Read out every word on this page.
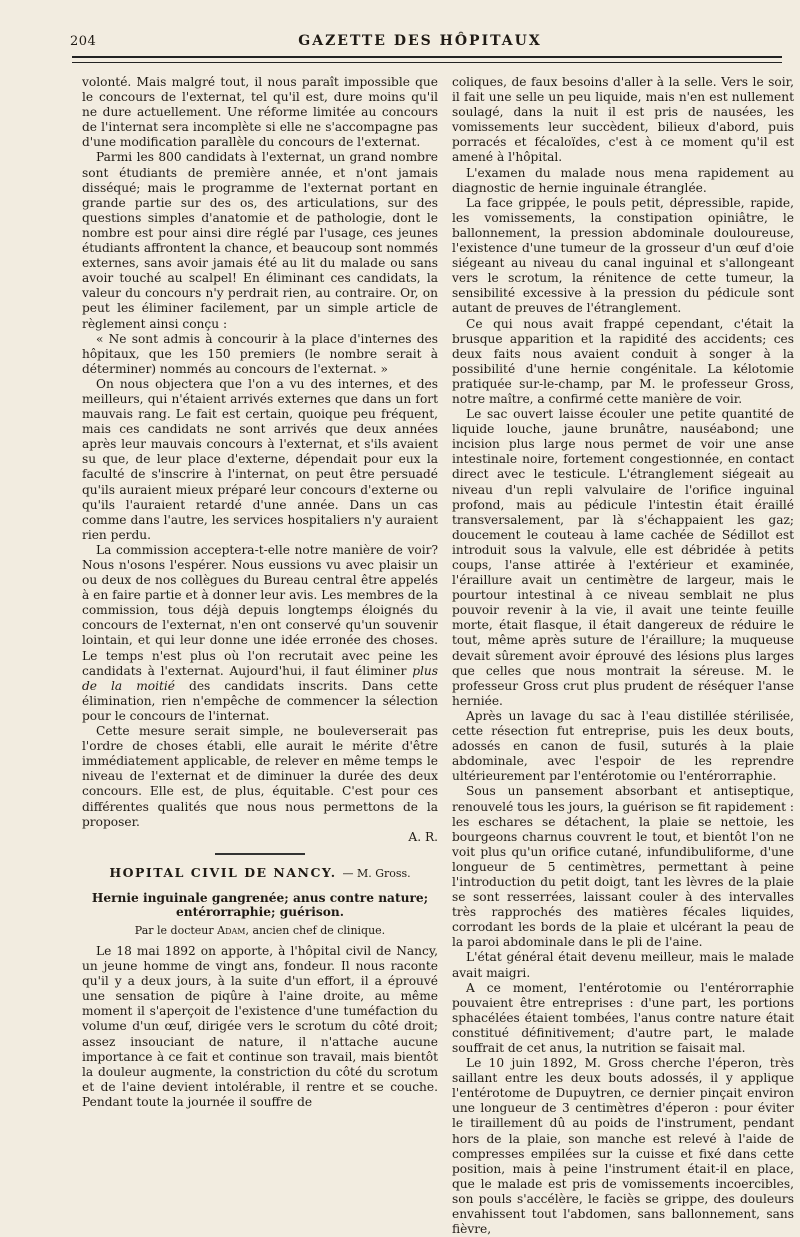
204	GAZETTE DES HÔPITAUX

volonté. Mais malgré tout, il nous paraît impossible que le concours de l'externat, tel qu'il est, dure moins qu'il ne dure actuellement. Une réforme limitée au concours de l'internat sera incomplète si elle ne s'accompagne pas d'une modification parallèle du concours de l'externat.

Parmi les 800 candidats à l'externat, un grand nombre sont étudiants de première année, et n'ont jamais disséqué; mais le programme de l'externat portant en grande partie sur des os, des articulations, sur des questions simples d'anatomie et de pathologie, dont le nombre est pour ainsi dire réglé par l'usage, ces jeunes étudiants affrontent la chance, et beaucoup sont nommés externes, sans avoir jamais été au lit du malade ou sans avoir touché au scalpel! En éliminant ces candidats, la valeur du concours n'y perdrait rien, au contraire. Or, on peut les éliminer facilement, par un simple article de règlement ainsi conçu :

« Ne sont admis à concourir à la place d'internes des hôpitaux, que les 150 premiers (le nombre serait à déterminer) nommés au concours de l'externat. »

On nous objectera que l'on a vu des internes, et des meilleurs, qui n'étaient arrivés externes que dans un fort mauvais rang. Le fait est certain, quoique peu fréquent, mais ces candidats ne sont arrivés que deux années après leur mauvais concours à l'externat, et s'ils avaient su que, de leur place d'externe, dépendait pour eux la faculté de s'inscrire à l'internat, on peut être persuadé qu'ils auraient mieux préparé leur concours d'externe ou qu'ils l'auraient retardé d'une année. Dans un cas comme dans l'autre, les services hospitaliers n'y auraient rien perdu.

La commission acceptera-t-elle notre manière de voir? Nous n'osons l'espérer. Nous eussions vu avec plaisir un ou deux de nos collègues du Bureau central être appelés à en faire partie et à donner leur avis. Les membres de la commission, tous déjà depuis longtemps éloignés du concours de l'externat, n'en ont conservé qu'un souvenir lointain, et qui leur donne une idée erronée des choses. Le temps n'est plus où l'on recrutait avec peine les candidats à l'externat. Aujourd'hui, il faut éliminer plus de la moitié des candidats inscrits. Dans cette élimination, rien n'empêche de commencer la sélection pour le concours de l'internat.

Cette mesure serait simple, ne bouleverserait pas l'ordre de choses établi, elle aurait le mérite d'être immédiatement applicable, de relever en même temps le niveau de l'externat et de diminuer la durée des deux concours. Elle est, de plus, équitable. C'est pour ces différentes qualités que nous nous permettons de la proposer.

A. R.
HOPITAL CIVIL DE NANCY. — M. Gross.
Hernie inguinale gangrenée; anus contre nature;
entérorraphie; guérison.
Par le docteur Adam, ancien chef de clinique.

Le 18 mai 1892 on apporte, à l'hôpital civil de Nancy, un jeune homme de vingt ans, fondeur. Il nous raconte qu'il y a deux jours, à la suite d'un effort, il a éprouvé une sensation de piqûre à l'aine droite, au même moment il s'aperçoit de l'existence d'une tuméfaction du volume d'un œuf, dirigée vers le scrotum du côté droit; assez insouciant de nature, il n'attache aucune importance à ce fait et continue son travail, mais bientôt la douleur augmente, la constriction du côté du scrotum et de l'aine devient intolérable, il rentre et se couche. Pendant toute la journée il souffre de

coliques, de faux besoins d'aller à la selle. Vers le soir, il fait une selle un peu liquide, mais n'en est nullement soulagé, dans la nuit il est pris de nausées, les vomissements leur succèdent, bilieux d'abord, puis porracés et fécaloïdes, c'est à ce moment qu'il est amené à l'hôpital.

L'examen du malade nous mena rapidement au diagnostic de hernie inguinale étranglée.

La face grippée, le pouls petit, dépressible, rapide, les vomissements, la constipation opiniâtre, le ballonnement, la pression abdominale douloureuse, l'existence d'une tumeur de la grosseur d'un œuf d'oie siégeant au niveau du canal inguinal et s'allongeant vers le scrotum, la rénitence de cette tumeur, la sensibilité excessive à la pression du pédicule sont autant de preuves de l'étranglement.

Ce qui nous avait frappé cependant, c'était la brusque apparition et la rapidité des accidents; ces deux faits nous avaient conduit à songer à la possibilité d'une hernie congénitale. La kélotomie pratiquée sur-le-champ, par M. le professeur Gross, notre maître, a confirmé cette manière de voir.

Le sac ouvert laisse écouler une petite quantité de liquide louche, jaune brunâtre, nauséabond; une incision plus large nous permet de voir une anse intestinale noire, fortement congestionnée, en contact direct avec le testicule. L'étranglement siégeait au niveau d'un repli valvulaire de l'orifice inguinal profond, mais au pédicule l'intestin était éraillé transversalement, par là s'échappaient les gaz; doucement le couteau à lame cachée de Sédillot est introduit sous la valvule, elle est débridée à petits coups, l'anse attirée à l'extérieur et examinée, l'éraillure avait un centimètre de largeur, mais le pourtour intestinal à ce niveau semblait ne plus pouvoir revenir à la vie, il avait une teinte feuille morte, était flasque, il était dangereux de réduire le tout, même après suture de l'éraillure; la muqueuse devait sûrement avoir éprouvé des lésions plus larges que celles que nous montrait la séreuse. M. le professeur Gross crut plus prudent de réséquer l'anse herniée.

Après un lavage du sac à l'eau distillée stérilisée, cette résection fut entreprise, puis les deux bouts, adossés en canon de fusil, suturés à la plaie abdominale, avec l'espoir de les reprendre ultérieurement par l'entérotomie ou l'entérorraphie.

Sous un pansement absorbant et antiseptique, renouvelé tous les jours, la guérison se fit rapidement : les eschares se détachent, la plaie se nettoie, les bourgeons charnus couvrent le tout, et bientôt l'on ne voit plus qu'un orifice cutané, infundibuliforme, d'une longueur de 5 centimètres, permettant à peine l'introduction du petit doigt, tant les lèvres de la plaie se sont resserrées, laissant couler à des intervalles très rapprochés des matières fécales liquides, corrodant les bords de la plaie et ulcérant la peau de la paroi abdominale dans le pli de l'aine.

L'état général était devenu meilleur, mais le malade avait maigri.

A ce moment, l'entérotomie ou l'entérorraphie pouvaient être entreprises : d'une part, les portions sphacélées étaient tombées, l'anus contre nature était constitué définitivement; d'autre part, le malade souffrait de cet anus, la nutrition se faisait mal.

Le 10 juin 1892, M. Gross cherche l'éperon, très saillant entre les deux bouts adossés, il y applique l'entérotome de Dupuytren, ce dernier pinçait environ une longueur de 3 centimètres d'éperon : pour éviter le tiraillement dû au poids de l'instrument, pendant hors de la plaie, son manche est relevé à l'aide de compresses empilées sur la cuisse et fixé dans cette position, mais à peine l'instrument était-il en place, que le malade est pris de vomissements incoercibles, son pouls s'accélère, le faciès se grippe, des douleurs envahissent tout l'abdomen, sans ballonnement, sans fièvre,
